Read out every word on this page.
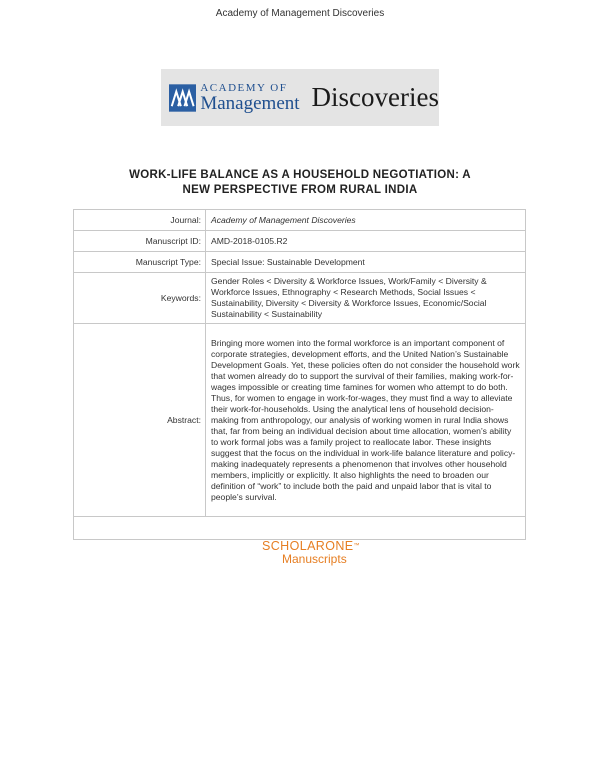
Academy of Management Discoveries
ACADEMY OF
Management Discoveries
WORK-LIFE BALANCE AS A HOUSEHOLD NEGOTIATION: A
NEW PERSPECTIVE FROM RURAL INDIA
Journal :	Academy of Management Discoveries
Manuscript ID :	AMD-2018-0105.R2
Manuscript Type :	Special Issue: Sustainable Development
Keywords :	Gender Roles < Diversity & Workforce Issues, Work/Family < Diversity & Workforce Issues, Ethnography < Research Methods, Social Issues < Sustainability, Diversity < Diversity & Workforce Issues, Economic/Social Sustainability < Sustainability
Abstract :	Bringing more women into the formal workforce is an important component of corporate strategies, development efforts, and the United Nation’s Sustainable Development Goals. Yet, these policies often do not consider the household work that women already do to support the survival of their families, making work-for-wages impossible or creating time famines for women who attempt to do both. Thus, for women to engage in work-for-wages, they must find a way to alleviate their work-for-households. Using the analytical lens of household decision-making from anthropology, our analysis of working women in rural India shows that, far from being an individual decision about time allocation, women’s ability to work formal jobs was a family project to reallocate labor. These insights suggest that the focus on the individual in work-life balance literature and policy-making inadequately represents a phenomenon that involves other household members, implicitly or explicitly. It also highlights the need to broaden our definition of “work” to include both the paid and unpaid labor that is vital to people’s survival.

SCHOLARONE™
Manuscripts
